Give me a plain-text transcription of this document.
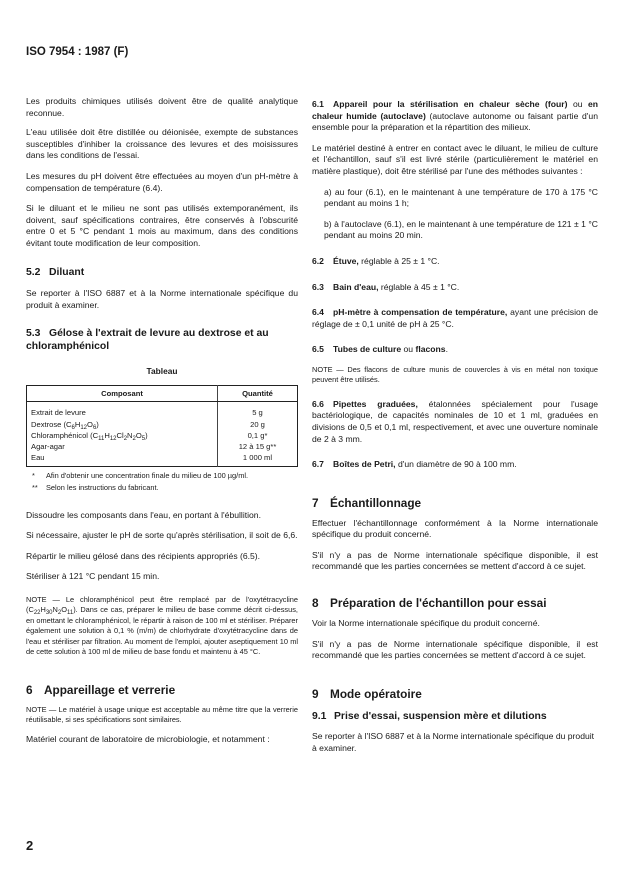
ISO 7954 : 1987 (F)

Les produits chimiques utilisés doivent être de qualité analytique reconnue.

L'eau utilisée doit être distillée ou déionisée, exempte de substances susceptibles d'inhiber la croissance des levures et des moisissures dans les conditions de l'essai.

Les mesures du pH doivent être effectuées au moyen d'un pH-mètre à compensation de température (6.4).

Si le diluant et le milieu ne sont pas utilisés extemporanément, ils doivent, sauf spécifications contraires, être conservés à l'obscurité entre 0 et 5 °C pendant 1 mois au maximum, dans des conditions évitant toute modification de leur composition.

5.2 Diluant

Se reporter à l'ISO 6887 et à la Norme internationale spécifique du produit à examiner.

5.3 Gélose à l'extrait de levure au dextrose et au chloramphénicol
Tableau
Composant	Quantité
Extrait de levure	5 g
Dextrose $(C_6H_{12}O_6)$	20 g
Chloramphénicol $(C_{11}H_{12}Cl_2N_2O_5)$	0,1 g*
Agar-agar	12 à 15 g**
Eau	1 000 ml
* Afin d'obtenir une concentration finale du milieu de 100 µg/ml.
** Selon les instructions du fabricant.

Dissoudre les composants dans l'eau, en portant à l'ébullition.

Si nécessaire, ajuster le pH de sorte qu'après stérilisation, il soit de 6,6.

Répartir le milieu gélosé dans des récipients appropriés (6.5).

Stériliser à 121 °C pendant 15 min.

NOTE — Le chloramphénicol peut être remplacé par de l'oxytétracycline $(C_{22}H_{30}N_2O_{11})$. Dans ce cas, préparer le milieu de base comme décrit ci-dessus, en omettant le chloramphénicol, le répartir à raison de 100 ml et stériliser. Préparer également une solution à 0,1 % (m/m) de chlorhydrate d'oxytétracycline dans de l'eau et stériliser par filtration. Au moment de l'emploi, ajouter aseptiquement 10 ml de cette solution à 100 ml de milieu de base fondu et maintenu à 45 °C.

6 Appareillage et verrerie

NOTE — Le matériel à usage unique est acceptable au même titre que la verrerie réutilisable, si ses spécifications sont similaires.

Matériel courant de laboratoire de microbiologie, et notamment :

6.1 Appareil pour la stérilisation en chaleur sèche (four) ou en chaleur humide (autoclave) (autoclave autonome ou faisant partie d'un ensemble pour la préparation et la répartition des milieux.

Le matériel destiné à entrer en contact avec le diluant, le milieu de culture et l'échantillon, sauf s'il est livré stérile (particulièrement le matériel en matière plastique), doit être stérilisé par l'une des méthodes suivantes :

a) au four (6.1), en le maintenant à une température de 170 à 175 °C pendant au moins 1 h;

b) à l'autoclave (6.1), en le maintenant à une température de 121 ± 1 °C pendant au moins 20 min.

6.2 Étuve, réglable à 25 ± 1 °C.

6.3 Bain d'eau, réglable à 45 ± 1 °C.

6.4 pH-mètre à compensation de température, ayant une précision de réglage de ± 0,1 unité de pH à 25 °C.

6.5 Tubes de culture ou flacons.

NOTE — Des flacons de culture munis de couvercles à vis en métal non toxique peuvent être utilisés.

6.6 Pipettes graduées, étalonnées spécialement pour l'usage bactériologique, de capacités nominales de 10 et 1 ml, graduées en divisions de 0,5 et 0,1 ml, respectivement, et avec une ouverture nominale de 2 à 3 mm.

6.7 Boîtes de Petri, d'un diamètre de 90 à 100 mm.

7 Échantillonnage

Effectuer l'échantillonnage conformément à la Norme internationale spécifique du produit concerné.

S'il n'y a pas de Norme internationale spécifique disponible, il est recommandé que les parties concernées se mettent d'accord à ce sujet.

8 Préparation de l'échantillon pour essai

Voir la Norme internationale spécifique du produit concerné.

S'il n'y a pas de Norme internationale spécifique disponible, il est recommandé que les parties concernées se mettent d'accord à ce sujet.

9 Mode opératoire
9.1 Prise d'essai, suspension mère et dilutions

Se reporter à l'ISO 6887 et à la Norme internationale spécifique du produit à examiner.

2
